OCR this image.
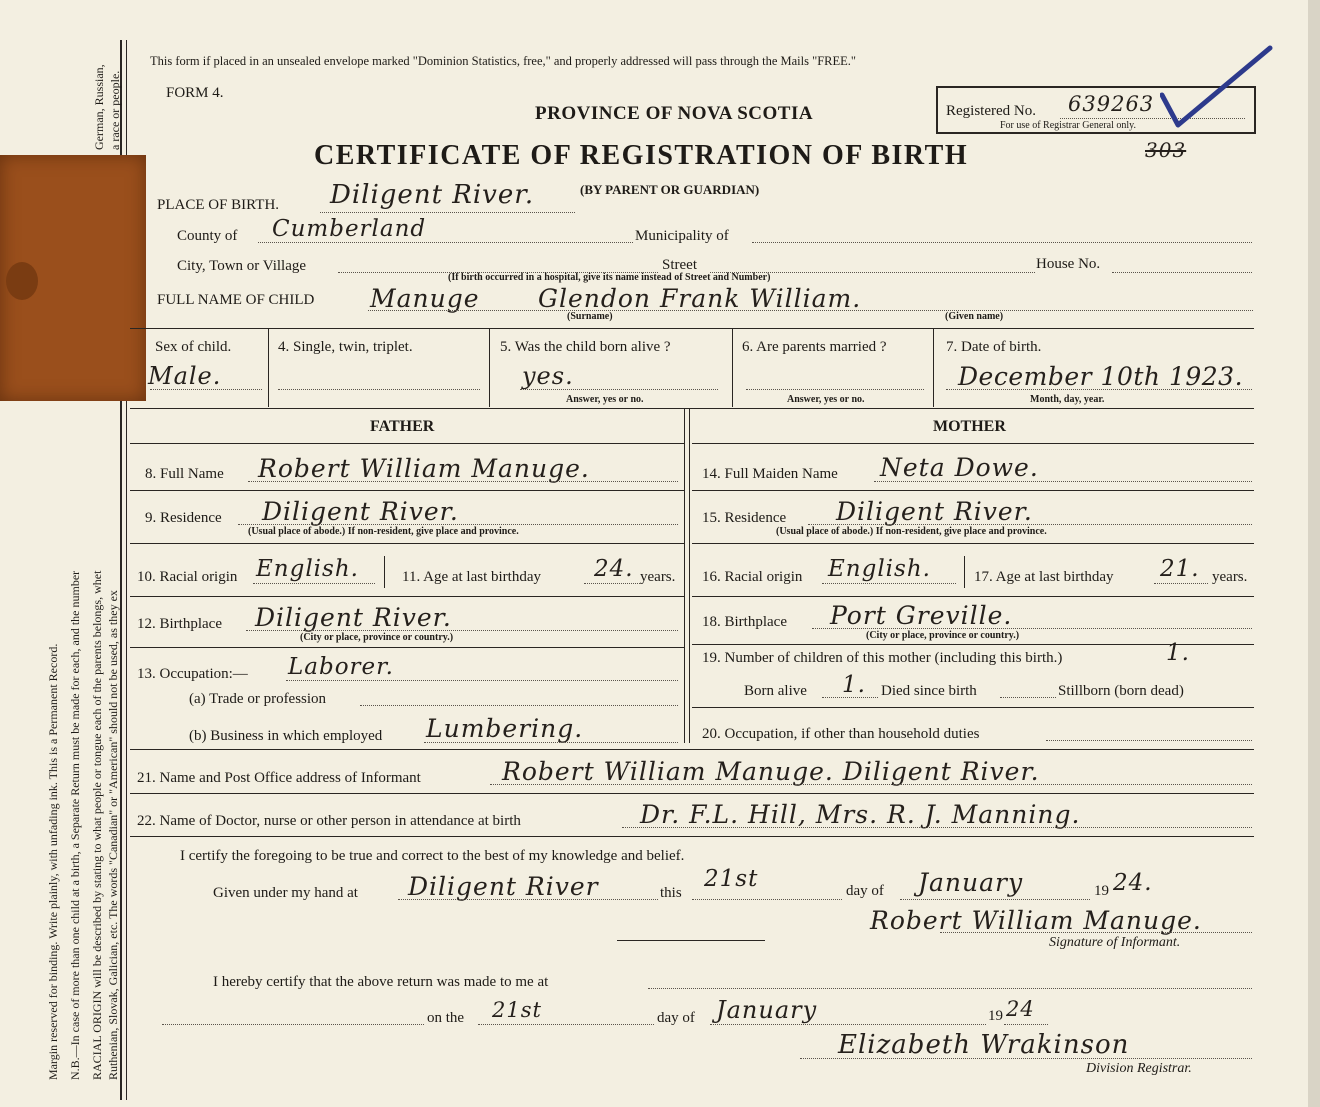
Margin reserved for binding. Write plainly, with unfading ink. This is a Permanent Record. N.B.—In case of more than one child at a birth, a Separate Return must be made for each, and the number RACIAL ORIGIN will be described by stating to what people or tongue each of the parents belongs, whet Ruthenian, Slovak, Galician, etc. The words "Canadian" or "American" should not be used, as they ex
German, Russian, a race or people.
This form if placed in an unsealed envelope marked "Dominion Statistics, free," and properly addressed will pass through the Mails "FREE."
FORM 4.
PROVINCE OF NOVA SCOTIA
CERTIFICATE OF REGISTRATION OF BIRTH
(BY PARENT OR GUARDIAN)
Registered No. 639263
For use of Registrar General only.
303
PLACE OF BIRTH. Diligent River.
County of Cumberland	Municipality of
City, Town or Village	Street	House No.
(If birth occurred in a hospital, give its name instead of Street and Number)
FULL NAME OF CHILD Manuge Glendon Frank William.
(Surname)	(Given name)
Sex of child.
Male.
4. Single, twin, triplet.	5. Was the child born alive ?
yes.
Answer, yes or no.
6. Are parents married ?
Answer, yes or no.
7. Date of birth.
December 10th 1923.
Month, day, year.
FATHER	MOTHER
8. Full Name Robert William Manuge.
9. Residence Diligent River.
(Usual place of abode.) If non-resident, give place and province.
10. Racial origin English.	11. Age at last birthday 24. years.
12. Birthplace Diligent River.
(City or place, province or country.)
13. Occupation:— Laborer.
(a) Trade or profession
(b) Business in which employed Lumbering.
14. Full Maiden Name Neta Dowe.
15. Residence Diligent River.
(Usual place of abode.) If non-resident, give place and province.
16. Racial origin English.	17. Age at last birthday 21. years.
18. Birthplace Port Greville.
(City or place, province or country.)
19. Number of children of this mother (including this birth.)	1.
Born alive 1. Died since birth	Stillborn (born dead)
20. Occupation, if other than household duties
21. Name and Post Office address of Informant	Robert William Manuge. Diligent River.
22. Name of Doctor, nurse or other person in attendance at birth	Dr. F.L. Hill, Mrs. R. J. Manning.
I certify the foregoing to be true and correct to the best of my knowledge and belief.
Given under my hand at Diligent River	this
21st	day of January	19 24.
Robert William Manuge.
Signature of Informant.
I hereby certify that the above return was made to me at
on the 21st	day of January	19 24
Elizabeth Wrakinson
Division Registrar.
